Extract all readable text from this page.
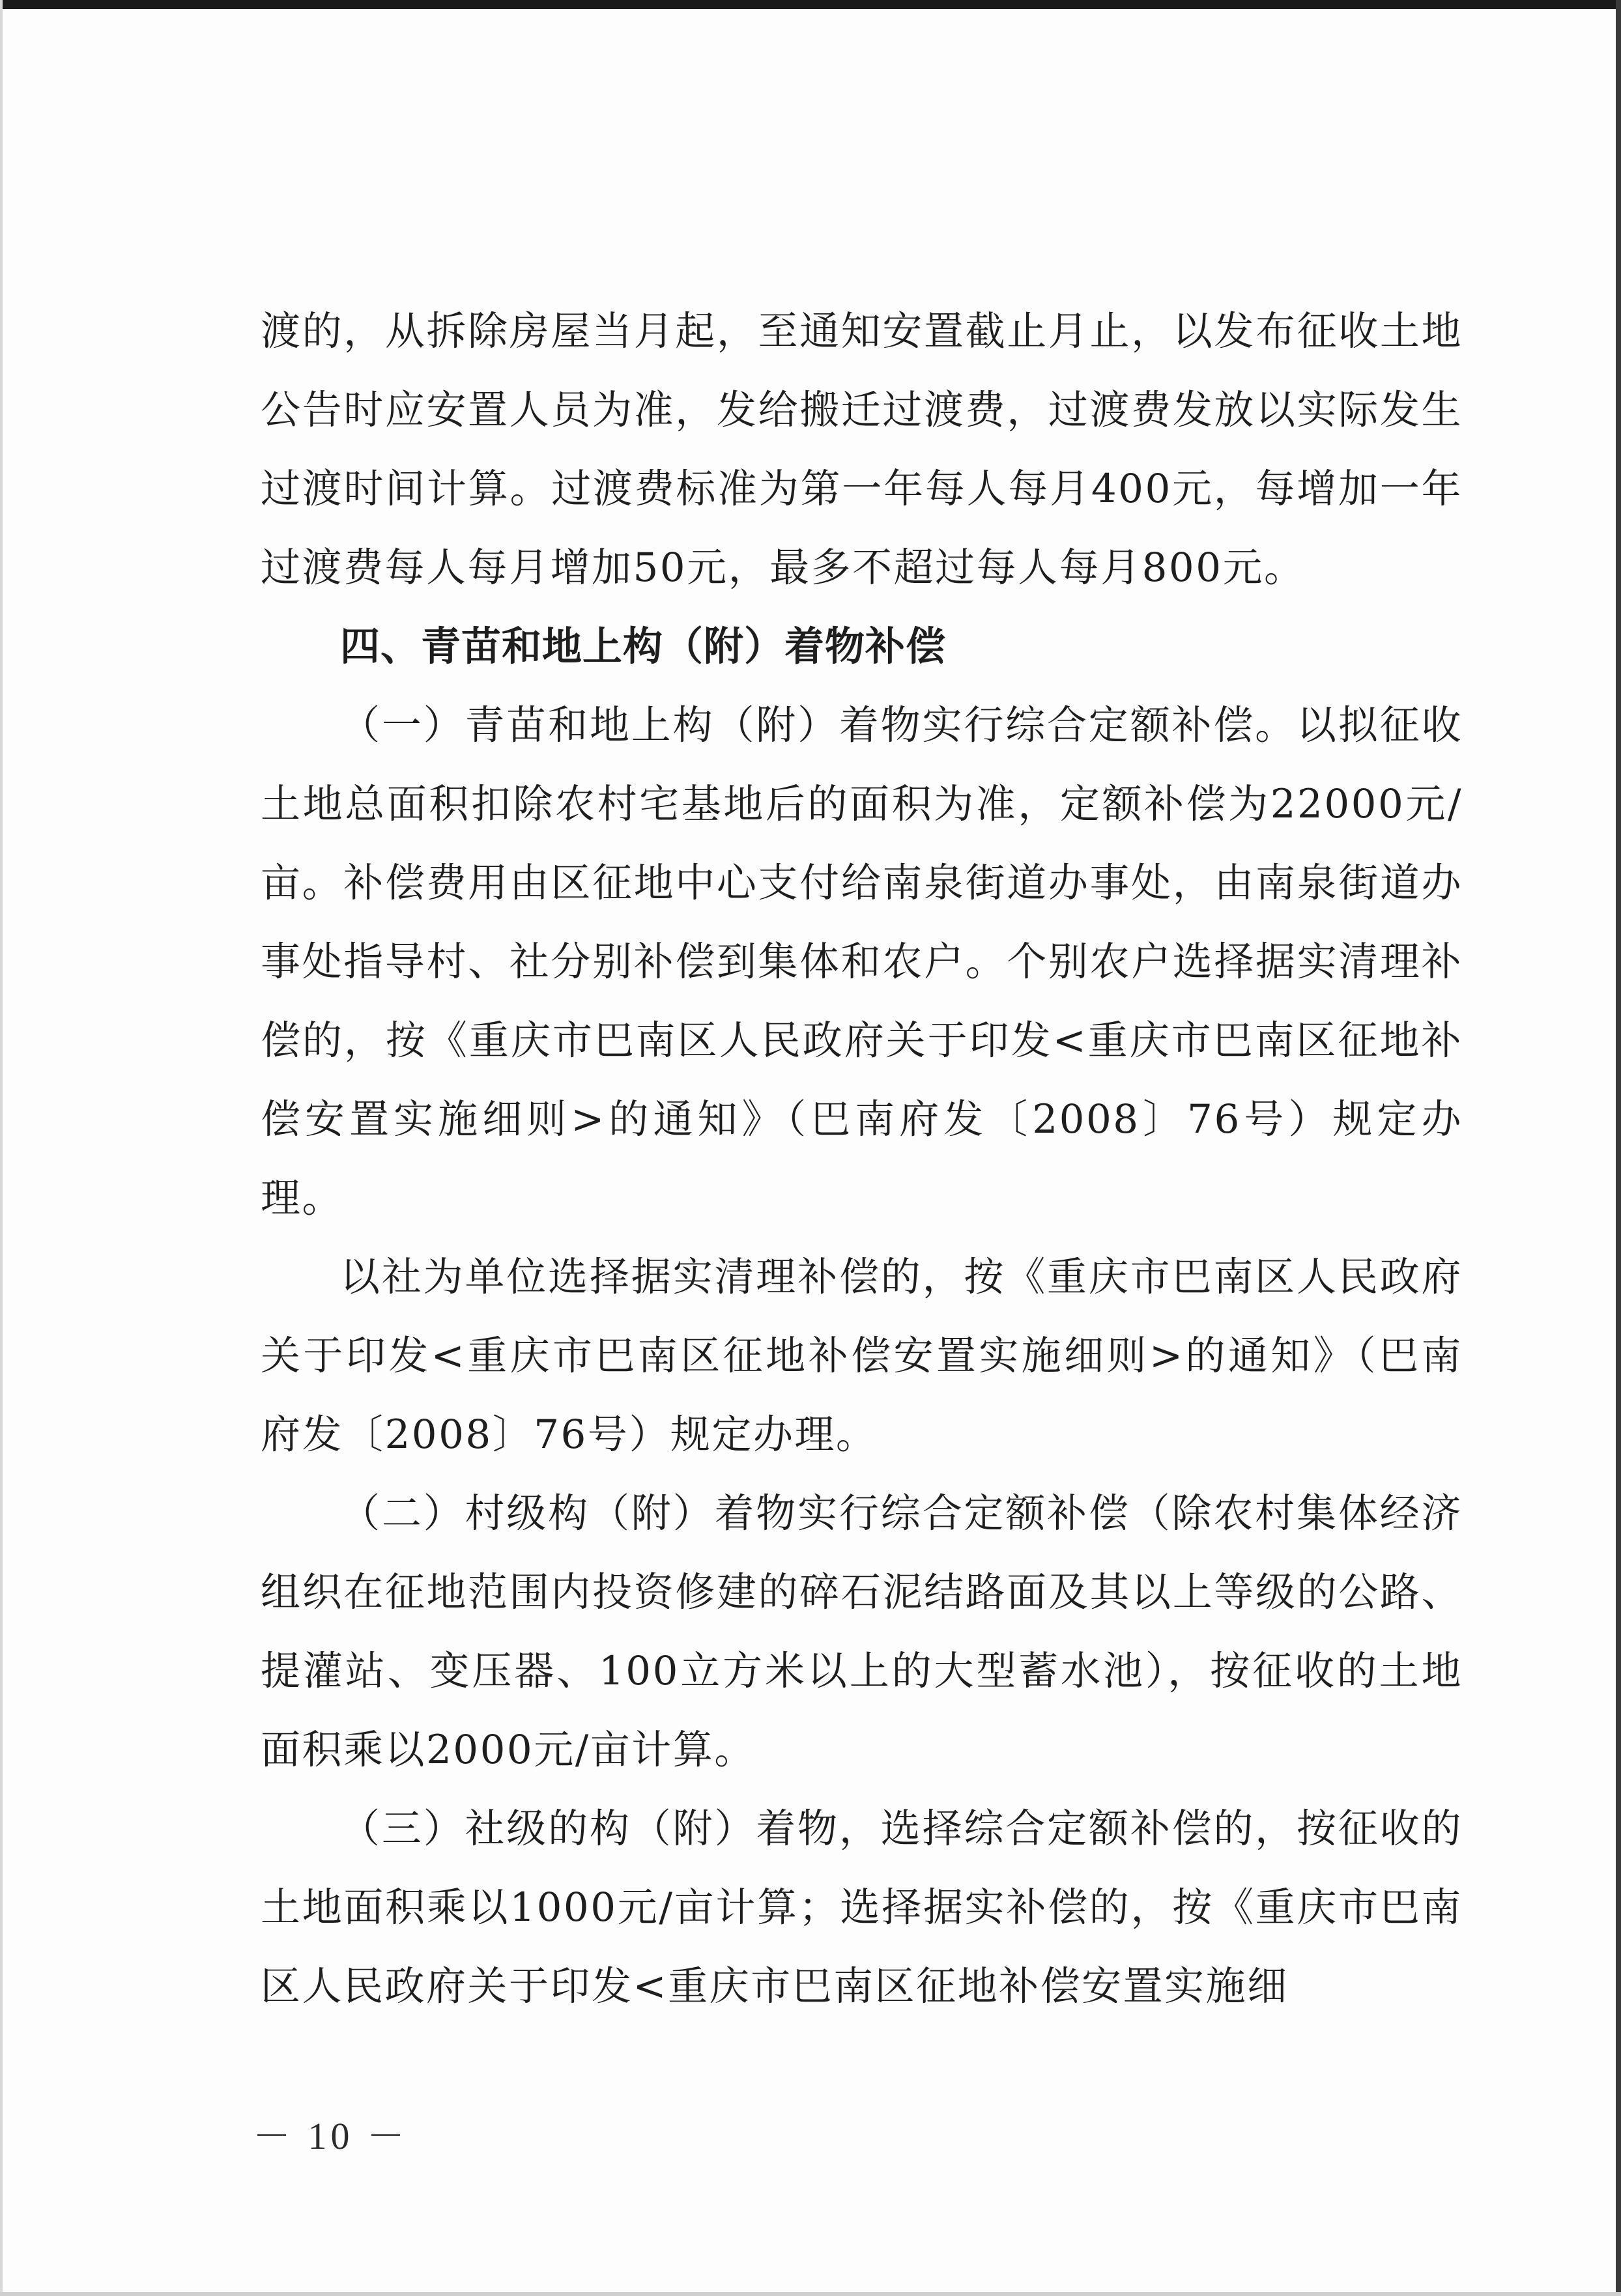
渡的，从拆除房屋当月起，至通知安置截止月止，以发布征收土地公告时应安置人员为准，发给搬迁过渡费，过渡费发放以实际发生过渡时间计算。过渡费标准为第一年每人每月400元，每增加一年过渡费每人每月增加50元，最多不超过每人每月800元。

四、青苗和地上构（附）着物补偿

（一）青苗和地上构（附）着物实行综合定额补偿。以拟征收土地总面积扣除农村宅基地后的面积为准，定额补偿为22000元/亩。补偿费用由区征地中心支付给南泉街道办事处，由南泉街道办事处指导村、社分别补偿到集体和农户。个别农户选择据实清理补偿的，按《重庆市巴南区人民政府关于印发<重庆市巴南区征地补偿安置实施细则>的通知》（巴南府发〔2008〕76号）规定办理。

以社为单位选择据实清理补偿的，按《重庆市巴南区人民政府关于印发<重庆市巴南区征地补偿安置实施细则>的通知》（巴南府发〔2008〕76号）规定办理。

（二）村级构（附）着物实行综合定额补偿（除农村集体经济组织在征地范围内投资修建的碎石泥结路面及其以上等级的公路、提灌站、变压器、100立方米以上的大型蓄水池），按征收的土地面积乘以2000元/亩计算。

（三）社级的构（附）着物，选择综合定额补偿的，按征收的土地面积乘以1000元/亩计算；选择据实补偿的，按《重庆市巴南区人民政府关于印发<重庆市巴南区征地补偿安置实施细

－ 10 －
